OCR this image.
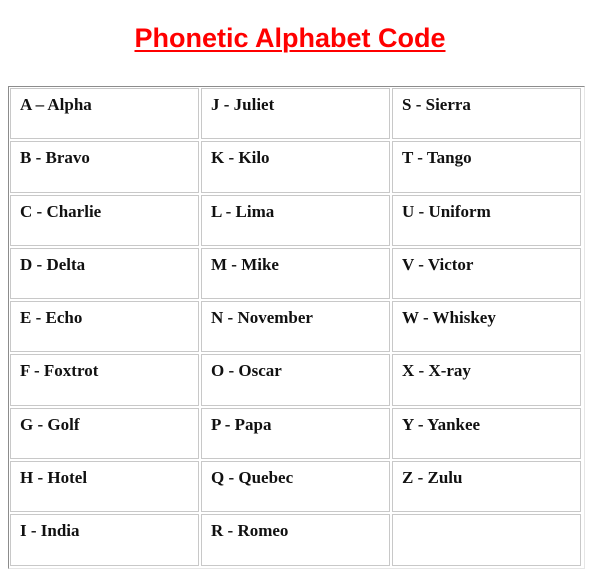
Phonetic Alphabet Code
A – Alpha	J - Juliet	S - Sierra
B - Bravo	K - Kilo	T - Tango
C - Charlie	L - Lima	U - Uniform
D - Delta	M - Mike	V - Victor
E - Echo	N - November	W - Whiskey
F - Foxtrot	O - Oscar	X - X-ray
G - Golf	P - Papa	Y - Yankee
H - Hotel	Q - Quebec	Z - Zulu
I - India	R - Romeo
